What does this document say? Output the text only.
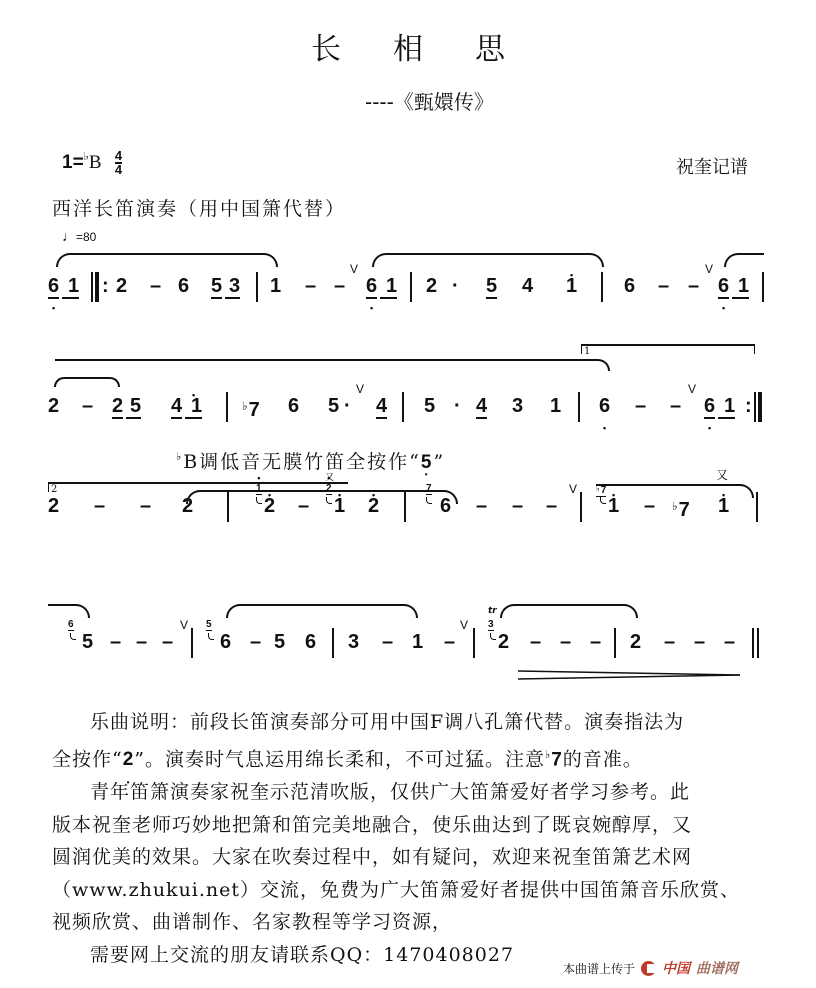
长相思
----《甄嬛传》
$1=^♭B \frac{4}{4}$	祝奎记谱
西洋长笛演奏（用中国箫代替）
♩=80
6 • 1 : 2 – 6 5 3 1 – –
V
6 • 1 2 · 5 4 • 1 6 – –
V
6 • 1
1
2 – 2 5 4 • 1	♭7 6 5 ·
V
4 5 · 4 3 1 6 • – –
V
6 • 1 :
♭B调低音无膜竹笛全按作“5 •”
2
2 – – 2
• 1
• 2 –
又
• 2
• 1 • 2
7
6 – – –
V ♭7
• 1 – ♭7
又
• 1
6
5 – – –
V 5
6 – 5 6 3 – 1 –
V
tr
3
2 – – – 2 – – –

乐曲说明：前段长笛演奏部分可用中国F调八孔箫代替。演奏指法为

全按作“2 •”。演奏时气息运用绵长柔和，不可过猛。注意♭7的音准。

青年笛箫演奏家祝奎示范清吹版，仅供广大笛箫爱好者学习参考。此

版本祝奎老师巧妙地把箫和笛完美地融合，使乐曲达到了既哀婉醇厚，又

圆润优美的效果。大家在吹奏过程中，如有疑问，欢迎来祝奎笛箫艺术网

（www.zhukui.net）交流，免费为广大笛箫爱好者提供中国笛箫音乐欣赏、

视频欣赏、曲谱制作、名家教程等学习资源，

需要网上交流的朋友请联系QQ：1470408027

本曲谱上传于 中国 曲谱网
